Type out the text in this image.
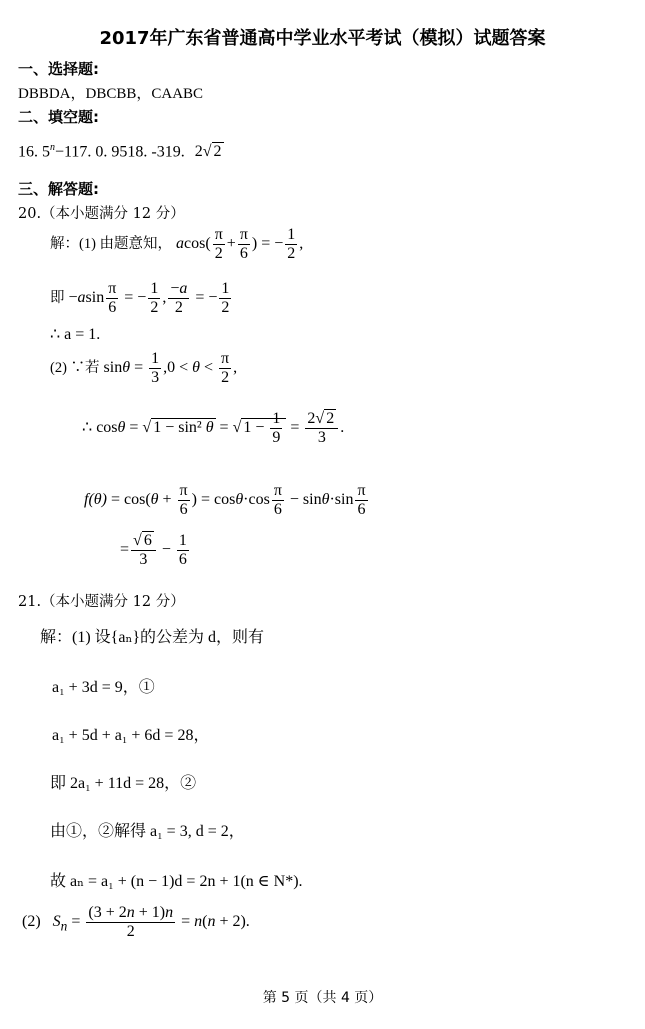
2017年广东省普通高中学业水平考试（模拟）试题答案
一、选择题:
DBBDA，DBCBB，CAABC
二、填空题:
16. $5^n-117$. 0. 9518. -319. 2√ 2
三、解答题:
20.（本小题满分 12 分）
解：(1) 由题意知， $acos( \frac{\pi}{2} + \frac{\pi}{6}$ ) = − $\frac{1}{2}$ ,
即 $-asin \frac{\pi}{6}$ = − $\frac{1}{2}$ , $\frac{-a}{2}$ = − $\frac{1}{2}$
∴ a = 1.
(2) ∵若 $\sin\theta = \frac{1}{3} ,0 < \theta < \frac{\pi}{2}$ ,
∴ cosθ = √ 1 − sin² θ = √ $1 - \frac{1}{9} = \frac{2√ 2}{3}$ .
$f(\theta) = \cos(\theta + \frac{\pi}{6}$ ) = $\cos\theta\cdot\cos \frac{\pi}{6} - \sin\theta\cdot\sin \frac{\pi}{6}$
= $\frac{√ 6}{3} - \frac{1}{6}$
21.（本小题满分 12 分）
解：(1) 设{aₙ}的公差为 d，则有
a₁ + 3d = 9，①
a₁ + 5d + a₁ + 6d = 28，
即 2a₁ + 11d = 28，②
由①，②解得 a₁ = 3, d = 2，
故 aₙ = a₁ + (n − 1)d = 2n + 1(n ∈ N*).
(2) $S_n = \frac{(3 + 2n + 1)n}{2} = n(n + 2)$.
第 5 页（共 4 页）
